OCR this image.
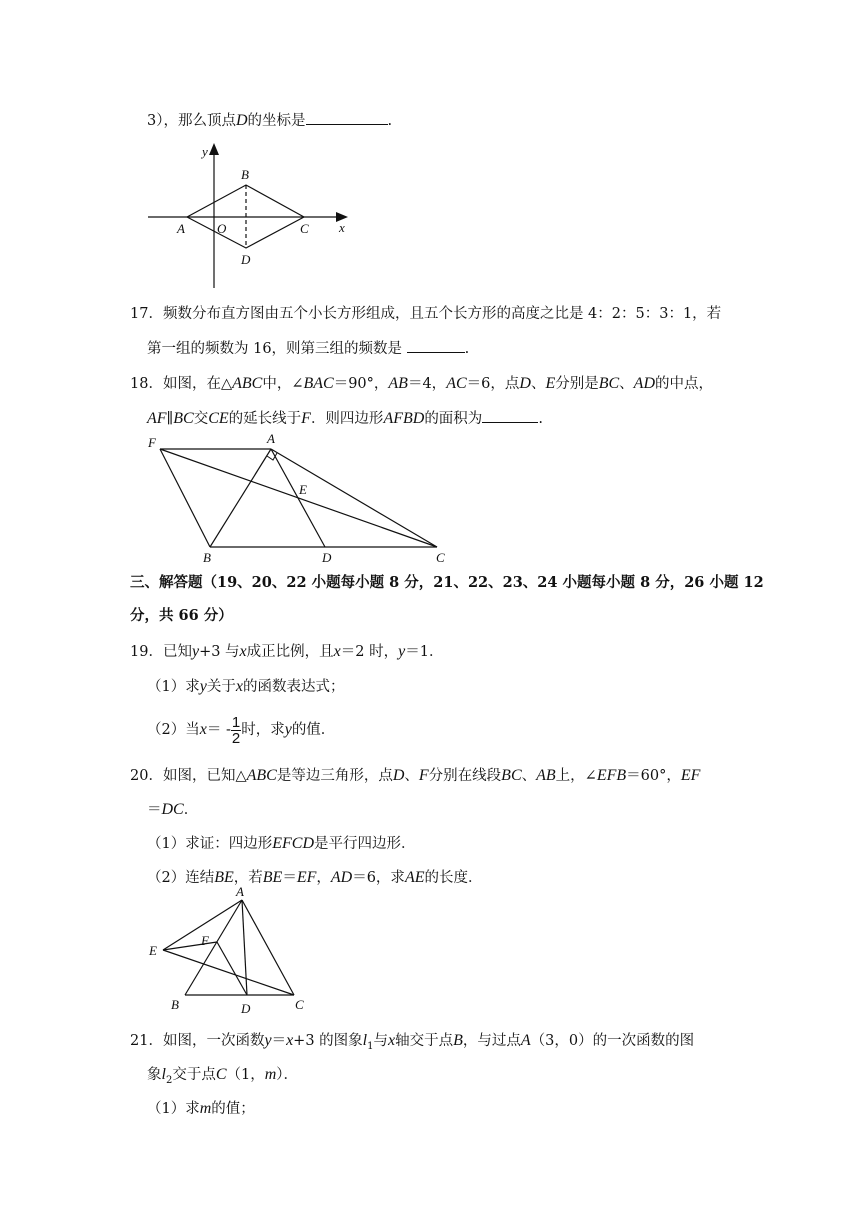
3），那么顶点D的坐标是	.
y
x
A O
B
C
D
17．频数分布直方图由五个小长方形组成，且五个长方形的高度之比是 4：2：5：3：1，若
第一组的频数为 16，则第三组的频数是	.
18．如图，在△ABC中，∠BAC＝90°，AB＝4，AC＝6，点D、E分别是BC、AD的中点，
AF∥BC交CE的延长线于F．则四边形AFBD的面积为	.
F	A
E
B	D	C
三、解答题（19、20、22 小题每小题 8 分，21、22、23、24 小题每小题 8 分，26 小题 12
分，共 66 分）
19．已知y+3 与x成正比例，且x＝2 时，y＝1．
（1）求y关于x的函数表达式；
（2）当$x= - \frac{1}{2}$ 时，求y的值．
20．如图，已知△ABC是等边三角形，点D、F分别在线段BC、AB上，∠EFB＝60°，EF
＝DC．
（1）求证：四边形EFCD是平行四边形．
（2）连结BE，若BE＝EF，AD＝6，求AE的长度．
A
F
E
B	D	C
21．如图，一次函数y＝x+3 的图象$l_1$与x轴交于点B，与过点A（3，0）的一次函数的图
象$l_2$交于点C（1，m）．
（1）求m的值；
